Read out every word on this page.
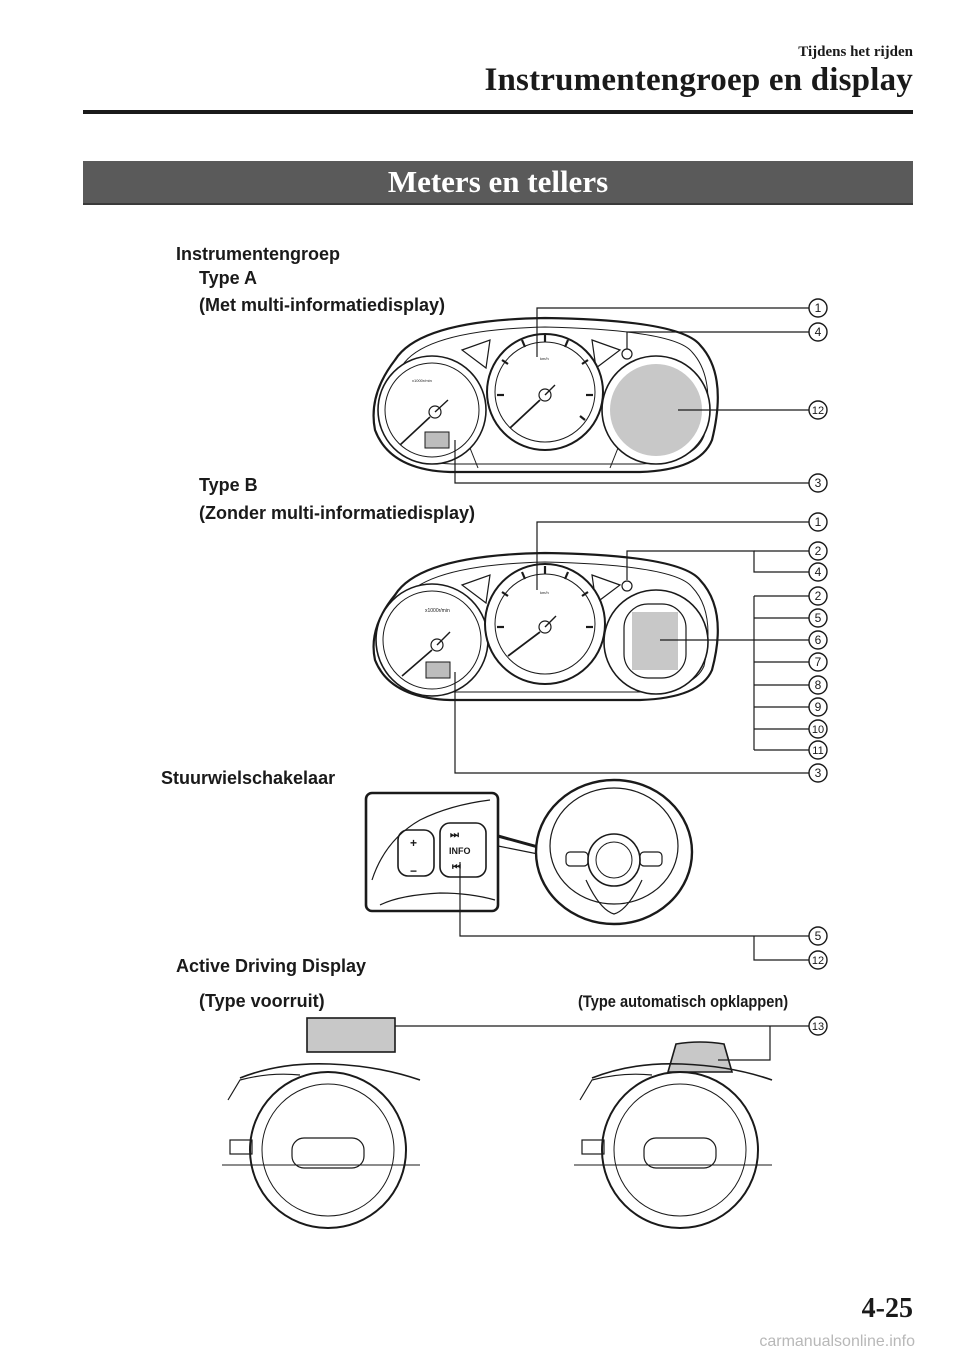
Tijdens het rijden
Instrumentengroep en display
Meters en tellers
Instrumentengroep
Type A
(Met multi-informatiedisplay)
Type B
(Zonder multi-informatiedisplay)
Stuurwielschakelaar
Active Driving Display
(Type voorruit)	(Type automatisch opklappen)
km/h
x1000r/min
x1000r/min
km/h
+
−
⏭
INFO
⏮
1
4
12
3
1
2
4
2
5
6
7
8
9
10
11
3
5
12
13
4-25
carmanualsonline.info
